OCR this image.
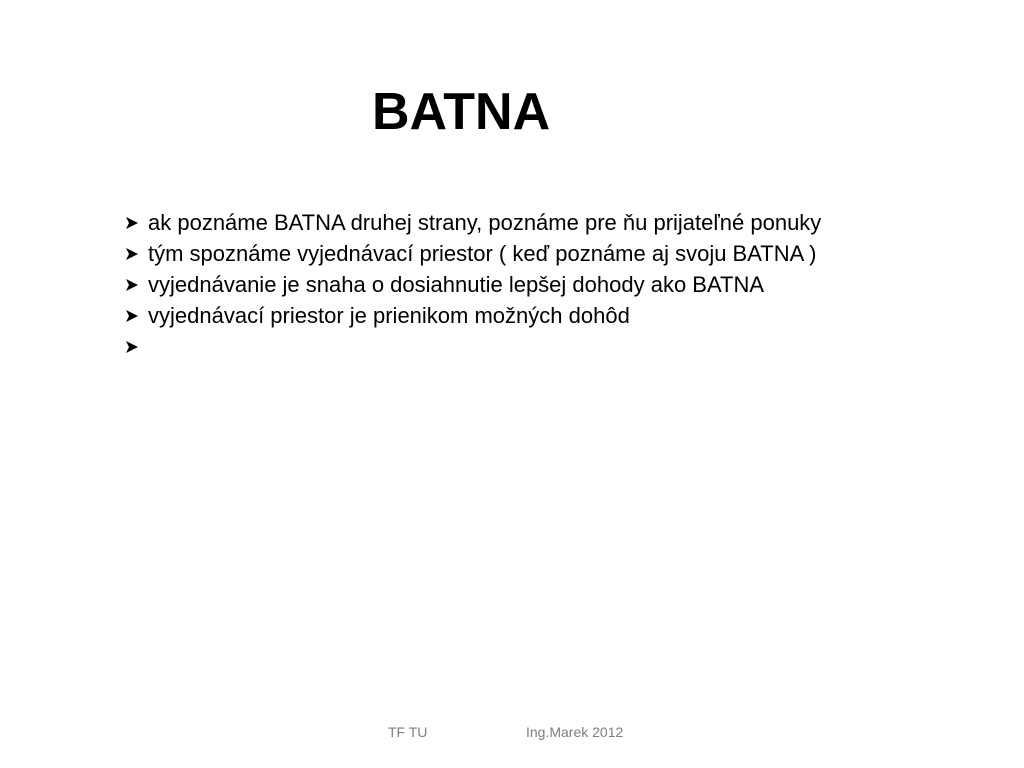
BATNA
ak poznáme BATNA druhej strany, poznáme pre ňu prijateľné ponuky
tým spoznáme vyjednávací priestor ( keď poznáme aj svoju BATNA )
vyjednávanie je snaha o dosiahnutie lepšej dohody ako BATNA
vyjednávací priestor je prienikom možných dohôd
TF TU	Ing.Marek 2012
